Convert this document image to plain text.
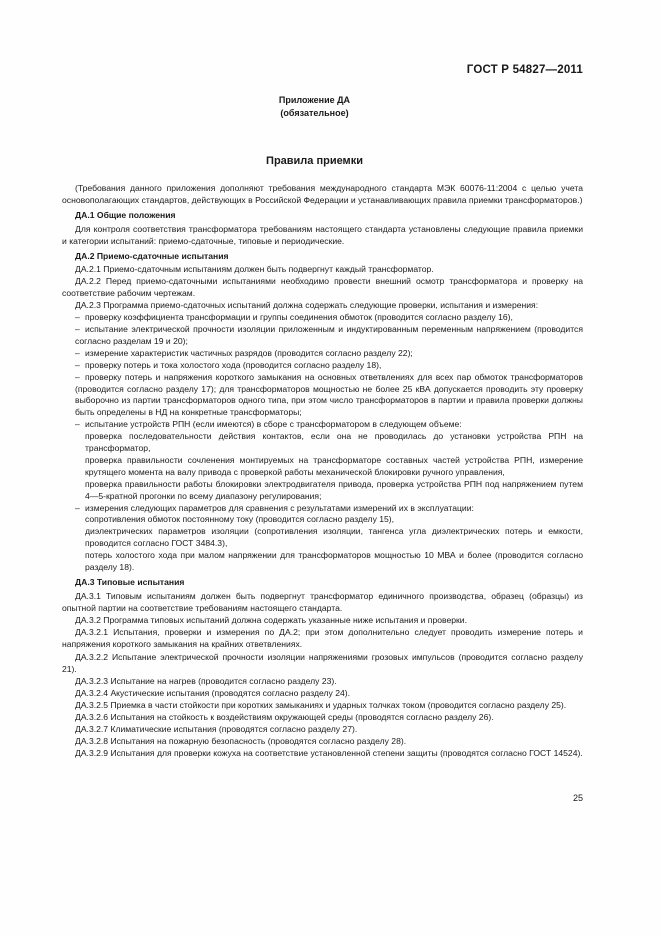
ГОСТ Р 54827—2011
Приложение ДА
(обязательное)
Правила приемки

(Требования данного приложения дополняют требования международного стандарта МЭК 60076-11:2004 с целью учета основополагающих стандартов, действующих в Российской Федерации и устанавливающих правила приемки трансформаторов.)

ДА.1 Общие положения

Для контроля соответствия трансформатора требованиям настоящего стандарта установлены следующие правила приемки и категории испытаний: приемо-сдаточные, типовые и периодические.

ДА.2 Приемо-сдаточные испытания

ДА.2.1 Приемо-сдаточным испытаниям должен быть подвергнут каждый трансформатор.

ДА.2.2 Перед приемо-сдаточными испытаниями необходимо провести внешний осмотр трансформатора и проверку на соответствие рабочим чертежам.

ДА.2.3 Программа приемо-сдаточных испытаний должна содержать следующие проверки, испытания и измерения:

– проверку коэффициента трансформации и группы соединения обмоток (проводится согласно разделу 16),

– испытание электрической прочности изоляции приложенным и индуктированным переменным напряжением (проводится согласно разделам 19 и 20);

– измерение характеристик частичных разрядов (проводится согласно разделу 22);

– проверку потерь и тока холостого хода (проводится согласно разделу 18),

– проверку потерь и напряжения короткого замыкания на основных ответвлениях для всех пар обмоток трансформаторов (проводится согласно разделу 17); для трансформаторов мощностью не более 25 кВА допускается проводить эту проверку выборочно из партии трансформаторов одного типа, при этом число трансформаторов в партии и правила проверки должны быть определены в НД на конкретные трансформаторы;

– испытание устройств РПН (если имеются) в сборе с трансформатором в следующем объеме:

проверка последовательности действия контактов, если она не проводилась до установки устройства РПН на трансформатор,

проверка правильности сочленения монтируемых на трансформаторе составных частей устройства РПН, измерение крутящего момента на валу привода с проверкой работы механической блокировки ручного управления,

проверка правильности работы блокировки электродвигателя привода, проверка устройства РПН под напряжением путем 4—5-кратной прогонки по всему диапазону регулирования;

– измерения следующих параметров для сравнения с результатами измерений их в эксплуатации:

сопротивления обмоток постоянному току (проводится согласно разделу 15),

диэлектрических параметров изоляции (сопротивления изоляции, тангенса угла диэлектрических потерь и емкости, проводится согласно ГОСТ 3484.3),

потерь холостого хода при малом напряжении для трансформаторов мощностью 10 МВА и более (проводится согласно разделу 18).

ДА.3 Типовые испытания

ДА.3.1 Типовым испытаниям должен быть подвергнут трансформатор единичного производства, образец (образцы) из опытной партии на соответствие требованиям настоящего стандарта.

ДА.3.2 Программа типовых испытаний должна содержать указанные ниже испытания и проверки.

ДА.3.2.1 Испытания, проверки и измерения по ДА.2; при этом дополнительно следует проводить измерение потерь и напряжения короткого замыкания на крайних ответвлениях.

ДА.3.2.2 Испытание электрической прочности изоляции напряжениями грозовых импульсов (проводится согласно разделу 21).

ДА.3.2.3 Испытание на нагрев (проводится согласно разделу 23).

ДА.3.2.4 Акустические испытания (проводятся согласно разделу 24).

ДА.3.2.5 Приемка в части стойкости при коротких замыканиях и ударных толчках током (проводится согласно разделу 25).

ДА.3.2.6 Испытания на стойкость к воздействиям окружающей среды (проводятся согласно разделу 26).

ДА.3.2.7 Климатические испытания (проводятся согласно разделу 27).

ДА.3.2.8 Испытания на пожарную безопасность (проводятся согласно разделу 28).

ДА.3.2.9 Испытания для проверки кожуха на соответствие установленной степени защиты (проводятся согласно ГОСТ 14524).

25
